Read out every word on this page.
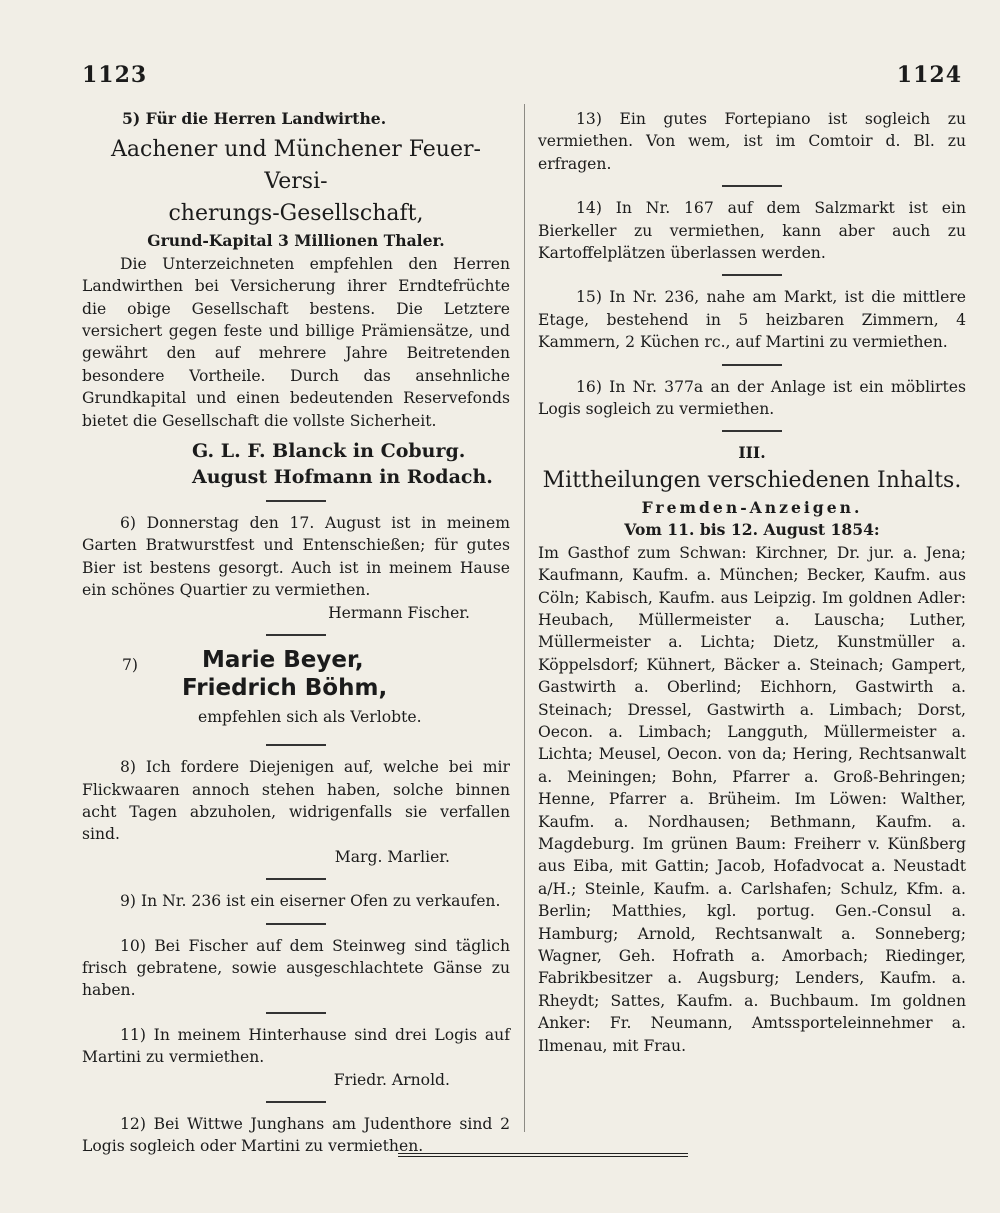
1123	1124

5) Für die Herren Landwirthe.

Aachener und Münchener Feuer-Versi-

cherungs-Gesellschaft,

Grund-Kapital 3 Millionen Thaler.

Die Unterzeichneten empfehlen den Herren Landwirthen bei Versicherung ihrer Erndtefrüchte die obige Gesellschaft bestens. Die Letztere versichert gegen feste und billige Prämiensätze, und gewährt den auf mehrere Jahre Beitretenden besondere Vortheile. Durch das ansehnliche Grundkapital und einen bedeutenden Reservefonds bietet die Gesellschaft die vollste Sicherheit.

G. L. F. Blanck in Coburg.

August Hofmann in Rodach.

6) Donnerstag den 17. August ist in meinem Garten Bratwurstfest und Entenschießen; für gutes Bier ist bestens gesorgt. Auch ist in meinem Hause ein schönes Quartier zu vermiethen.

Hermann Fischer.

7)	Marie Beyer,
Friedrich Böhm,
empfehlen sich als Verlobte.

8) Ich fordere Diejenigen auf, welche bei mir Flickwaaren annoch stehen haben, solche binnen acht Tagen abzuholen, widrigenfalls sie verfallen sind.

Marg. Marlier.

9) In Nr. 236 ist ein eiserner Ofen zu verkaufen.

10) Bei Fischer auf dem Steinweg sind täglich frisch gebratene, sowie ausgeschlachtete Gänse zu haben.

11) In meinem Hinterhause sind drei Logis auf Martini zu vermiethen.

Friedr. Arnold.

12) Bei Wittwe Junghans am Judenthore sind 2 Logis sogleich oder Martini zu vermiethen.

13) Ein gutes Fortepiano ist sogleich zu vermiethen. Von wem, ist im Comtoir d. Bl. zu erfragen.

14) In Nr. 167 auf dem Salzmarkt ist ein Bierkeller zu vermiethen, kann aber auch zu Kartoffelplätzen überlassen werden.

15) In Nr. 236, nahe am Markt, ist die mittlere Etage, bestehend in 5 heizbaren Zimmern, 4 Kammern, 2 Küchen rc., auf Martini zu vermiethen.

16) In Nr. 377a an der Anlage ist ein möblirtes Logis sogleich zu vermiethen.

III.

Mittheilungen verschiedenen Inhalts.

Fremden-Anzeigen.

Vom 11. bis 12. August 1854:

Im Gasthof zum Schwan: Kirchner, Dr. jur. a. Jena; Kaufmann, Kaufm. a. München; Becker, Kaufm. aus Cöln; Kabisch, Kaufm. aus Leipzig. Im goldnen Adler: Heubach, Müllermeister a. Lauscha; Luther, Müllermeister a. Lichta; Dietz, Kunstmüller a. Köppelsdorf; Kühnert, Bäcker a. Steinach; Gampert, Gastwirth a. Oberlind; Eichhorn, Gastwirth a. Steinach; Dressel, Gastwirth a. Limbach; Dorst, Oecon. a. Limbach; Langguth, Müllermeister a. Lichta; Meusel, Oecon. von da; Hering, Rechtsanwalt a. Meiningen; Bohn, Pfarrer a. Groß-Behringen; Henne, Pfarrer a. Brüheim. Im Löwen: Walther, Kaufm. a. Nordhausen; Bethmann, Kaufm. a. Magdeburg. Im grünen Baum: Freiherr v. Künßberg aus Eiba, mit Gattin; Jacob, Hofadvocat a. Neustadt a/H.; Steinle, Kaufm. a. Carlshafen; Schulz, Kfm. a. Berlin; Matthies, kgl. portug. Gen.-Consul a. Hamburg; Arnold, Rechtsanwalt a. Sonneberg; Wagner, Geh. Hofrath a. Amorbach; Riedinger, Fabrikbesitzer a. Augsburg; Lenders, Kaufm. a. Rheydt; Sattes, Kaufm. a. Buchbaum. Im goldnen Anker: Fr. Neumann, Amtssporteleinnehmer a. Ilmenau, mit Frau.
